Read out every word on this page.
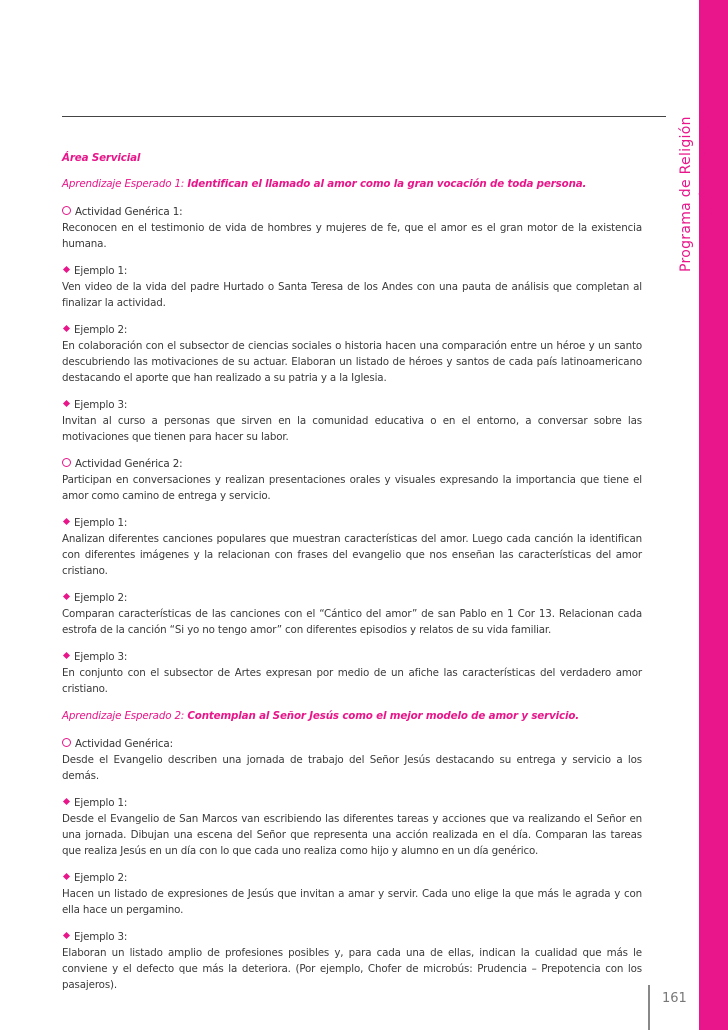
Programa de Religión Educación Media
Área Servicial
Aprendizaje Esperado 1: Identifican el llamado al amor como la gran vocación de toda persona.
Actividad Genérica 1:
Reconocen en el testimonio de vida de hombres y mujeres de fe, que el amor es el gran motor de la existencia humana.
Ejemplo 1:
Ven video de la vida del padre Hurtado o Santa Teresa de los Andes con una pauta de análisis que completan al finalizar la actividad.
Ejemplo 2:
En colaboración con el subsector de ciencias sociales o historia hacen una comparación entre un héroe y un santo descubriendo las motivaciones de su actuar. Elaboran un listado de héroes y santos de cada país latinoamericano destacando el aporte que han realizado a su patria y a la Iglesia.
Ejemplo 3:
Invitan al curso a personas que sirven en la comunidad educativa o en el entorno, a conversar sobre las motivaciones que tienen para hacer su labor.
Actividad Genérica 2:
Participan en conversaciones y realizan presentaciones orales y visuales expresando la importancia que tiene el amor como camino de entrega y servicio.
Ejemplo 1:
Analizan diferentes canciones populares que muestran características del amor. Luego cada canción la identifican con diferentes imágenes y la relacionan con frases del evangelio que nos enseñan las características del amor cristiano.
Ejemplo 2:
Comparan características de las canciones con el “Cántico del amor” de san Pablo en 1 Cor 13. Relacionan cada estrofa de la canción “Si yo no tengo amor” con diferentes episodios y relatos de su vida familiar.
Ejemplo 3:
En conjunto con el subsector de Artes expresan por medio de un afiche las características del verdadero amor cristiano.
Aprendizaje Esperado 2: Contemplan al Señor Jesús como el mejor modelo de amor y servicio.
Actividad Genérica:
Desde el Evangelio describen una jornada de trabajo del Señor Jesús destacando su entrega y servicio a los demás.
Ejemplo 1:
Desde el Evangelio de San Marcos van escribiendo las diferentes tareas y acciones que va realizando el Señor en una jornada. Dibujan una escena del Señor que representa una acción realizada en el día. Comparan las tareas que realiza Jesús en un día con lo que cada uno realiza como hijo y alumno en un día genérico.
Ejemplo 2:
Hacen un listado de expresiones de Jesús que invitan a amar y servir. Cada uno elige la que más le agrada y con ella hace un pergamino.
Ejemplo 3:
Elaboran un listado amplio de profesiones posibles y, para cada una de ellas, indican la cualidad que más le conviene y el defecto que más la deteriora. (Por ejemplo, Chofer de microbús: Prudencia – Prepotencia con los pasajeros).
161
